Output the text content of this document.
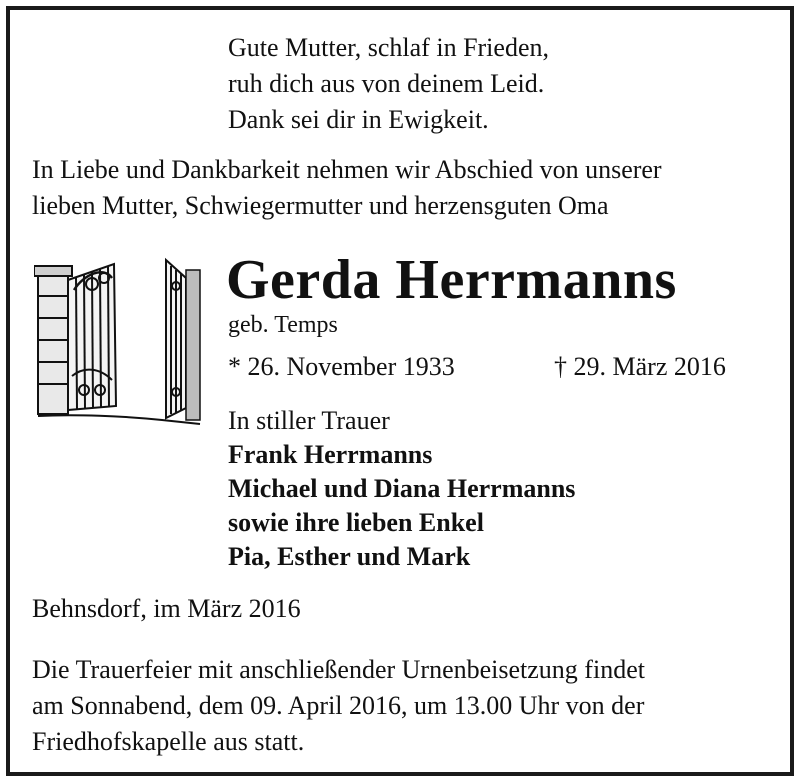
Gute Mutter, schlaf in Frieden,
ruh dich aus von deinem Leid.
Dank sei dir in Ewigkeit.
In Liebe und Dankbarkeit nehmen wir Abschied von unserer
lieben Mutter, Schwiegermutter und herzensguten Oma
Gerda Herrmanns
geb. Temps
* 26. November 1933	† 29. März 2016
In stiller Trauer
Frank Herrmanns
Michael und Diana Herrmanns
sowie ihre lieben Enkel
Pia, Esther und Mark
Behnsdorf, im März 2016
Die Trauerfeier mit anschließender Urnenbeisetzung findet
am Sonnabend, dem 09. April 2016, um 13.00 Uhr von der
Friedhofskapelle aus statt.
